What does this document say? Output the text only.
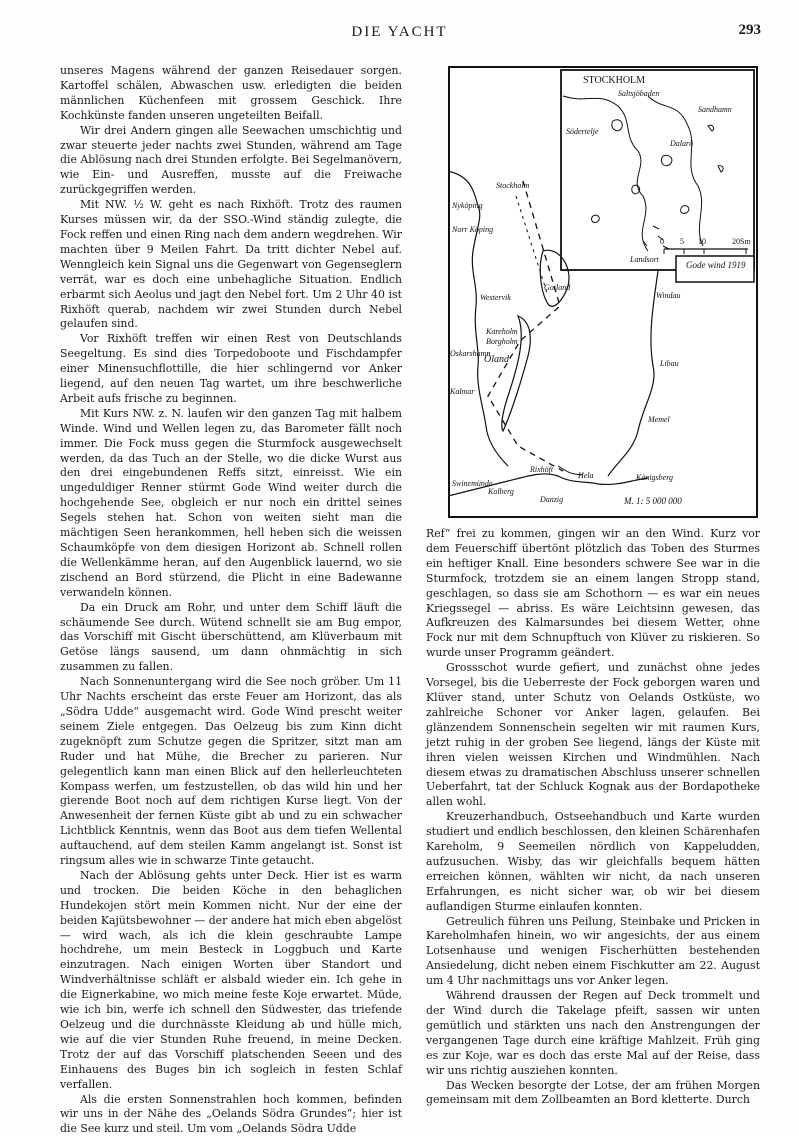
DIE YACHT	293

unseres Magens während der ganzen Reisedauer sorgen. Kartoffel schälen, Abwaschen usw. erledigten die beiden männlichen Küchenfeen mit grossem Geschick. Ihre Kochkünste fanden unseren ungeteilten Beifall.

Wir drei Andern gingen alle Seewachen umschichtig und zwar steuerte jeder nachts zwei Stunden, während am Tage die Ablösung nach drei Stunden erfolgte. Bei Segelmanövern, wie Ein- und Ausreffen, musste auf die Freiwache zurückgegriffen werden.

Mit NW. ½ W. geht es nach Rixhöft. Trotz des raumen Kurses müssen wir, da der SSO.-Wind ständig zulegte, die Fock reffen und einen Ring nach dem andern wegdrehen. Wir machten über 9 Meilen Fahrt. Da tritt dichter Nebel auf. Wenngleich kein Signal uns die Gegenwart von Gegenseglern verrät, war es doch eine unbehagliche Situation. Endlich erbarmt sich Aeolus und jagt den Nebel fort. Um 2 Uhr 40 ist Rixhöft querab, nachdem wir zwei Stunden durch Nebel gelaufen sind.

Vor Rixhöft treffen wir einen Rest von Deutschlands Seegeltung. Es sind dies Torpedoboote und Fischdampfer einer Minensuchflottille, die hier schlingernd vor Anker liegend, auf den neuen Tag wartet, um ihre beschwerliche Arbeit aufs frische zu beginnen.

Mit Kurs NW. z. N. laufen wir den ganzen Tag mit halbem Winde. Wind und Wellen legen zu, das Barometer fällt noch immer. Die Fock muss gegen die Sturmfock ausgewechselt werden, da das Tuch an der Stelle, wo die dicke Wurst aus den drei eingebundenen Reffs sitzt, einreisst. Wie ein ungeduldiger Renner stürmt Gode Wind weiter durch die hochgehende See, obgleich er nur noch ein drittel seines Segels stehen hat. Schon von weiten sieht man die mächtigen Seen herankommen, hell heben sich die weissen Schaumköpfe von dem diesigen Horizont ab. Schnell rollen die Wellenkämme heran, auf den Augenblick lauernd, wo sie zischend an Bord stürzend, die Plicht in eine Badewanne verwandeln können.

Da ein Druck am Rohr, und unter dem Schiff läuft die schäumende See durch. Wütend schnellt sie am Bug empor, das Vorschiff mit Gischt überschüttend, am Klüverbaum mit Getöse längs sausend, um dann ohnmächtig in sich zusammen zu fallen.

Nach Sonnenuntergang wird die See noch gröber. Um 11 Uhr Nachts erscheint das erste Feuer am Horizont, das als „Södra Udde“ ausgemacht wird. Gode Wind prescht weiter seinem Ziele entgegen. Das Oelzeug bis zum Kinn dicht zugeknöpft zum Schutze gegen die Spritzer, sitzt man am Ruder und hat Mühe, die Brecher zu parieren. Nur gelegentlich kann man einen Blick auf den hellerleuchteten Kompass werfen, um festzustellen, ob das wild hin und her gierende Boot noch auf dem richtigen Kurse liegt. Von der Anwesenheit der fernen Küste gibt ab und zu ein schwacher Lichtblick Kenntnis, wenn das Boot aus dem tiefen Wellental auftauchend, auf dem steilen Kamm angelangt ist. Sonst ist ringsum alles wie in schwarze Tinte getaucht.

Nach der Ablösung gehts unter Deck. Hier ist es warm und trocken. Die beiden Köche in den behaglichen Hundekojen stört mein Kommen nicht. Nur der eine der beiden Kajütsbewohner — der andere hat mich eben abgelöst — wird wach, als ich die klein geschraubte Lampe hochdrehe, um mein Besteck in Loggbuch und Karte einzutragen. Nach einigen Worten über Standort und Windverhältnisse schläft er alsbald wieder ein. Ich gehe in die Eignerkabine, wo mich meine feste Koje erwartet. Müde, wie ich bin, werfe ich schnell den Südwester, das triefende Oelzeug und die durchnässte Kleidung ab und hülle mich, wie auf die vier Stunden Ruhe freuend, in meine Decken. Trotz der auf das Vorschiff platschenden Seeen und des Einhauens des Buges bin ich sogleich in festen Schlaf verfallen.

Als die ersten Sonnenstrahlen hoch kommen, befinden wir uns in der Nähe des „Oelands Södra Grundes“; hier ist die See kurz und steil. Um vom „Oelands Södra Udde

STOCKHOLM
Saltsjöbaden
Sandhamn
Södertelje
Dalarö
Landsort
0 5 10	20Sm
Gode wind 1919
Stockholm
Nyköping
Norr Köping
Westervik
Gotland
Oskarshamn
Kareholm
Borgholm
Kalmar
Öland
Windau
Libau
Memel
Königsberg
Rixhöft
Hela
Danzig
Swinemünde
Kolberg
M. 1: 5 000 000

Ref“ frei zu kommen, gingen wir an den Wind. Kurz vor dem Feuerschiff übertönt plötzlich das Toben des Sturmes ein heftiger Knall. Eine besonders schwere See war in die Sturmfock, trotzdem sie an einem langen Stropp stand, geschlagen, so dass sie am Schothorn — es war ein neues Kriegssegel — abriss. Es wäre Leichtsinn gewesen, das Aufkreuzen des Kalmarsundes bei diesem Wetter, ohne Fock nur mit dem Schnupftuch von Klüver zu riskieren. So wurde unser Programm geändert.

Grossschot wurde gefiert, und zunächst ohne jedes Vorsegel, bis die Ueberreste der Fock geborgen waren und Klüver stand, unter Schutz von Oelands Ostküste, wo zahlreiche Schoner vor Anker lagen, gelaufen. Bei glänzendem Sonnenschein segelten wir mit raumen Kurs, jetzt ruhig in der groben See liegend, längs der Küste mit ihren vielen weissen Kirchen und Windmühlen. Nach diesem etwas zu dramatischen Abschluss unserer schnellen Ueberfahrt, tat der Schluck Kognak aus der Bordapotheke allen wohl.

Kreuzerhandbuch, Ostseehandbuch und Karte wurden studiert und endlich beschlossen, den kleinen Schärenhafen Kareholm, 9 Seemeilen nördlich von Kappeludden, aufzusuchen. Wisby, das wir gleichfalls bequem hätten erreichen können, wählten wir nicht, da nach unseren Erfahrungen, es nicht sicher war, ob wir bei diesem auflandigen Sturme einlaufen konnten.

Getreulich führen uns Peilung, Steinbake und Pricken in Kareholmhafen hinein, wo wir angesichts, der aus einem Lotsenhause und wenigen Fischerhütten bestehenden Ansiedelung, dicht neben einem Fischkutter am 22. August um 4 Uhr nachmittags uns vor Anker legen.

Während draussen der Regen auf Deck trommelt und der Wind durch die Takelage pfeift, sassen wir unten gemütlich und stärkten uns nach den Anstrengungen der vergangenen Tage durch eine kräftige Mahlzeit. Früh ging es zur Koje, war es doch das erste Mal auf der Reise, dass wir uns richtig ausziehen konnten.

Das Wecken besorgte der Lotse, der am frühen Morgen gemeinsam mit dem Zollbeamten an Bord kletterte. Durch
